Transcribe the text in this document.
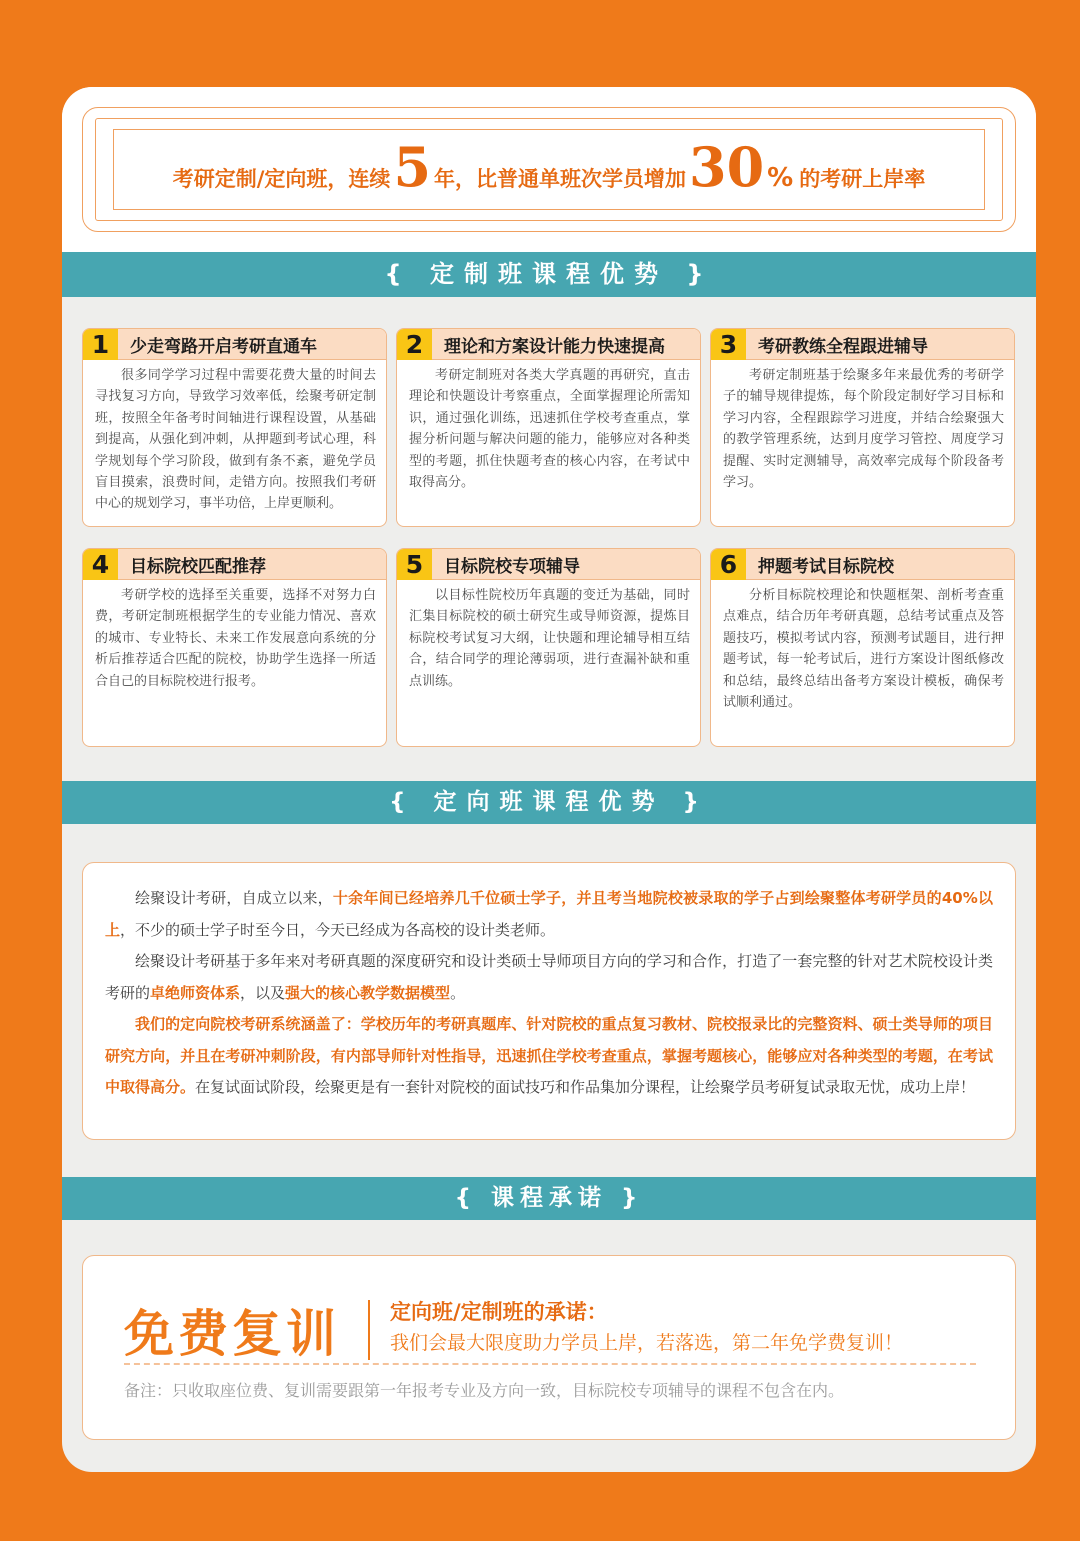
考研定制/定向班，连续 5 年，比普通单班次学员增加 30 % 的考研上岸率
{ 定制班课程优势 }
1	少走弯路开启考研直通车
很多同学学习过程中需要花费大量的时间去寻找复习方向，导致学习效率低，绘聚考研定制班，按照全年备考时间轴进行课程设置，从基础到提高，从强化到冲刺，从押题到考试心理，科学规划每个学习阶段，做到有条不紊，避免学员盲目摸索，浪费时间，走错方向。按照我们考研中心的规划学习，事半功倍，上岸更顺利。
2	理论和方案设计能力快速提高
考研定制班对各类大学真题的再研究，直击理论和快题设计考察重点，全面掌握理论所需知识，通过强化训练，迅速抓住学校考查重点，掌握分析问题与解决问题的能力，能够应对各种类型的考题，抓住快题考查的核心内容，在考试中取得高分。
3	考研教练全程跟进辅导
考研定制班基于绘聚多年来最优秀的考研学子的辅导规律提炼，每个阶段定制好学习目标和学习内容，全程跟踪学习进度，并结合绘聚强大的教学管理系统，达到月度学习管控、周度学习提醒、实时定测辅导，高效率完成每个阶段备考学习。
4	目标院校匹配推荐
考研学校的选择至关重要，选择不对努力白费，考研定制班根据学生的专业能力情况、喜欢的城市、专业特长、未来工作发展意向系统的分析后推荐适合匹配的院校，协助学生选择一所适合自己的目标院校进行报考。
5	目标院校专项辅导
以目标性院校历年真题的变迁为基础，同时汇集目标院校的硕士研究生或导师资源，提炼目标院校考试复习大纲，让快题和理论辅导相互结合，结合同学的理论薄弱项，进行查漏补缺和重点训练。
6	押题考试目标院校
分析目标院校理论和快题框架、剖析考查重点难点，结合历年考研真题，总结考试重点及答题技巧，模拟考试内容，预测考试题目，进行押题考试，每一轮考试后，进行方案设计图纸修改和总结，最终总结出备考方案设计模板，确保考试顺利通过。
{ 定向班课程优势 }

绘聚设计考研，自成立以来，十余年间已经培养几千位硕士学子，并且考当地院校被录取的学子占到绘聚整体考研学员的40%以上，不少的硕士学子时至今日，今天已经成为各高校的设计类老师。

绘聚设计考研基于多年来对考研真题的深度研究和设计类硕士导师项目方向的学习和合作，打造了一套完整的针对艺术院校设计类考研的卓绝师资体系，以及强大的核心教学数据模型。

我们的定向院校考研系统涵盖了：学校历年的考研真题库、针对院校的重点复习教材、院校报录比的完整资料、硕士类导师的项目研究方向，并且在考研冲刺阶段，有内部导师针对性指导，迅速抓住学校考查重点，掌握考题核心，能够应对各种类型的考题，在考试中取得高分。在复试面试阶段，绘聚更是有一套针对院校的面试技巧和作品集加分课程，让绘聚学员考研复试录取无忧，成功上岸！

{ 课程承诺 }
免费复训 定向班/定制班的承诺：
我们会最大限度助力学员上岸，若落选，第二年免学费复训！
备注：只收取座位费、复训需要跟第一年报考专业及方向一致，目标院校专项辅导的课程不包含在内。
